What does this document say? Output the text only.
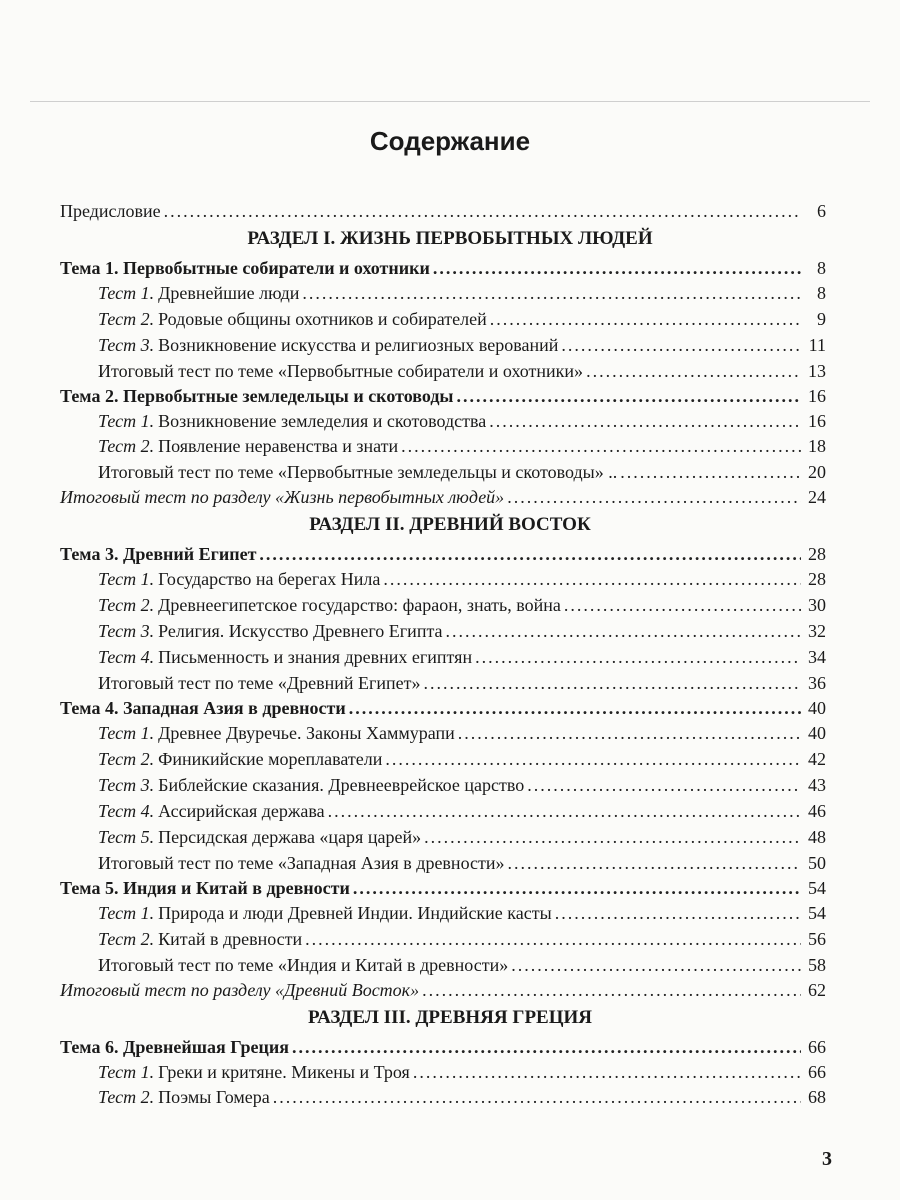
Содержание
Предисловие .....	6
РАЗДЕЛ I. ЖИЗНЬ ПЕРВОБЫТНЫХ ЛЮДЕЙ
Тема 1. Первобытные собиратели и охотники .....	8
Тест 1. Древнейшие люди .....	8
Тест 2. Родовые общины охотников и собирателей .....	9
Тест 3. Возникновение искусства и религиозных верований .....	11
Итоговый тест по теме «Первобытные собиратели и охотники» .....	13
Тема 2. Первобытные земледельцы и скотоводы .....	16
Тест 1. Возникновение земледелия и скотоводства .....	16
Тест 2. Появление неравенства и знати .....	18
Итоговый тест по теме «Первобытные земледельцы и скотоводы» .. .....	20
Итоговый тест по разделу «Жизнь первобытных людей» .....	24
РАЗДЕЛ II. ДРЕВНИЙ ВОСТОК
Тема 3. Древний Египет .....	28
Тест 1. Государство на берегах Нила .....	28
Тест 2. Древнеегипетское государство: фараон, знать, война .....	30
Тест 3. Религия. Искусство Древнего Египта .....	32
Тест 4. Письменность и знания древних египтян .....	34
Итоговый тест по теме «Древний Египет» .....	36
Тема 4. Западная Азия в древности .....	40
Тест 1. Древнее Двуречье. Законы Хаммурапи .....	40
Тест 2. Финикийские мореплаватели .....	42
Тест 3. Библейские сказания. Древнееврейское царство .....	43
Тест 4. Ассирийская держава .....	46
Тест 5. Персидская держава «царя царей» .....	48
Итоговый тест по теме «Западная Азия в древности» .....	50
Тема 5. Индия и Китай в древности .....	54
Тест 1. Природа и люди Древней Индии. Индийские касты .....	54
Тест 2. Китай в древности .....	56
Итоговый тест по теме «Индия и Китай в древности» .....	58
Итоговый тест по разделу «Древний Восток» .....	62
РАЗДЕЛ III. ДРЕВНЯЯ ГРЕЦИЯ
Тема 6. Древнейшая Греция .....	66
Тест 1. Греки и критяне. Микены и Троя .....	66
Тест 2. Поэмы Гомера .....	68
3
